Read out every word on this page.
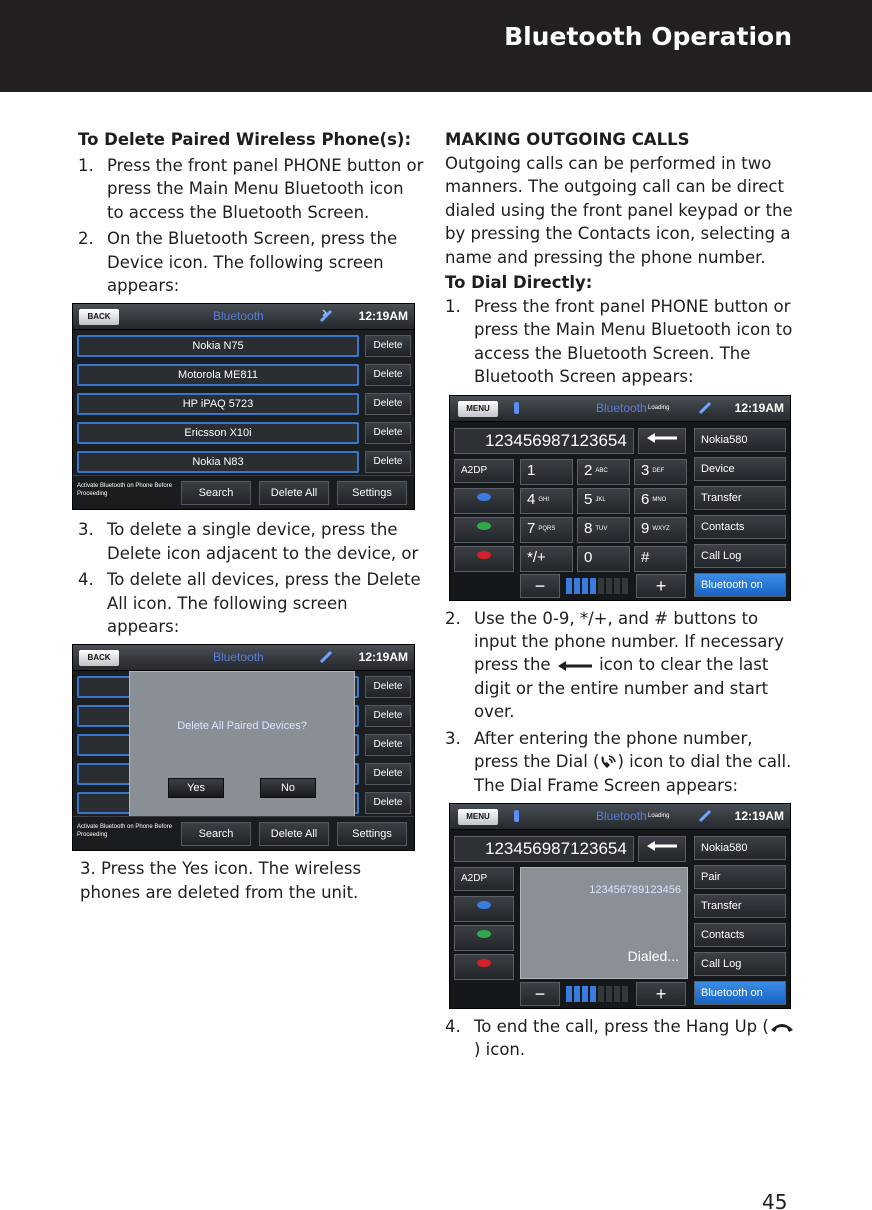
Bluetooth Operation
To Delete Paired Wireless Phone(s):
1. Press the front panel PHONE button or press the Main Menu Bluetooth icon to access the Bluetooth Screen.
2. On the Bluetooth Screen, press the Device icon. The following screen appears:
BACK	Bluetooth	12:19AM
Nokia N75	Delete
Motorola ME811	Delete
HP iPAQ 5723	Delete
Ericsson X10i	Delete
Nokia N83	Delete
Activate Bluetooth on Phone Before Proceeding	Search	Delete All	Settings
3. To delete a single device, press the Delete icon adjacent to the device, or
4. To delete all devices, press the Delete All icon. The following screen appears:
BACK	Bluetooth	12:19AM
Delete
Delete
Delete
Delete
Delete
Delete All Paired Devices?
Yes	No
Activate Bluetooth on Phone Before Proceeding	Search	Delete All	Settings

3. Press the Yes icon. The wireless phones are deleted from the unit.

MAKING OUTGOING CALLS

Outgoing calls can be performed in two manners. The outgoing call can be direct dialed using the front panel keypad or the by pressing the Contacts icon, selecting a name and pressing the phone number.

To Dial Directly:
1. Press the front panel PHONE button or press the Main Menu Bluetooth icon to access the Bluetooth Screen. The Bluetooth Screen appears:
MENU	Bluetooth Loading	12:19AM
123456987123654
A2DP
Nokia580
Device
Transfer
Contacts
Call Log
Bluetooth on
1	2 ABC	3 DEF
4 GHI	5 JKL	6 MNO
7 PQRS	8 TUV	9 WXYZ
*/+	0	#
−	+
2. Use the 0-9, */+, and # buttons to input the phone number. If necessary press the	icon to clear the last digit or the entire number and start over.
3. After entering the phone number, press the Dial ( ) icon to dial the call. The Dial Frame Screen appears:
MENU	Bluetooth Loading	12:19AM
123456987123654
A2DP
Nokia580
Pair
Transfer
Contacts
Call Log
Bluetooth on
123456789123456
Dialed...
−	+
4. To end the call, press the Hang Up () icon.
45
